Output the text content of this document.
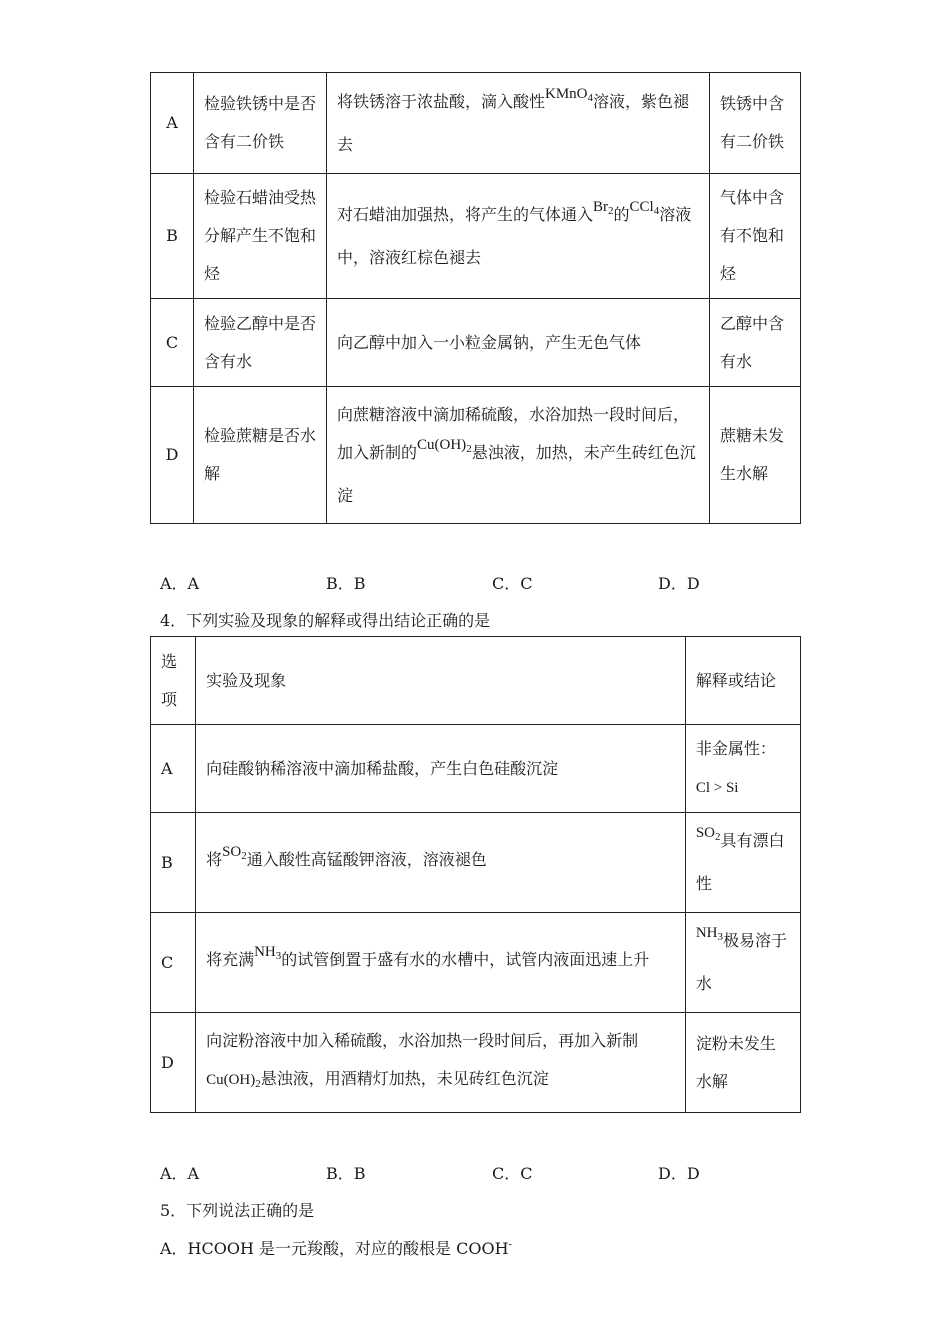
A	检验铁锈中是否含有二价铁	将铁锈溶于浓盐酸，滴入酸性KMnO$_4$溶液，紫色褪去	铁锈中含有二价铁
B	检验石蜡油受热分解产生不饱和烃	对石蜡油加强热，将产生的气体通入$Br_2$的CCl$_4$溶液中，溶液红棕色褪去	气体中含有不饱和烃
C	检验乙醇中是否含有水	向乙醇中加入一小粒金属钠，产生无色气体	乙醇中含有水
D	检验蔗糖是否水解	向蔗糖溶液中滴加稀硫酸，水浴加热一段时间后，加入新制的$Cu(OH)_2$悬浊液，加热，未产生砖红色沉淀	蔗糖未发生水解
A．A	B．B	C．C	D．D
4．下列实验及现象的解释或得出结论正确的是
选项	实验及现象	解释或结论
A	向硅酸钠稀溶液中滴加稀盐酸，产生白色硅酸沉淀	非金属性：
Cl > Si
B	将$SO_2$通入酸性高锰酸钾溶液，溶液褪色	$SO_2$具有漂白性
C	将充满$NH_3$的试管倒置于盛有水的水槽中，试管内液面迅速上升	$NH_3$极易溶于水
D	向淀粉溶液中加入稀硫酸，水浴加热一段时间后，再加入新制
$Cu(OH)_2$悬浊液，用酒精灯加热，未见砖红色沉淀	淀粉未发生水解
A．A	B．B	C．C	D．D
5．下列说法正确的是
A．HCOOH 是一元羧酸，对应的酸根是 COOH-
